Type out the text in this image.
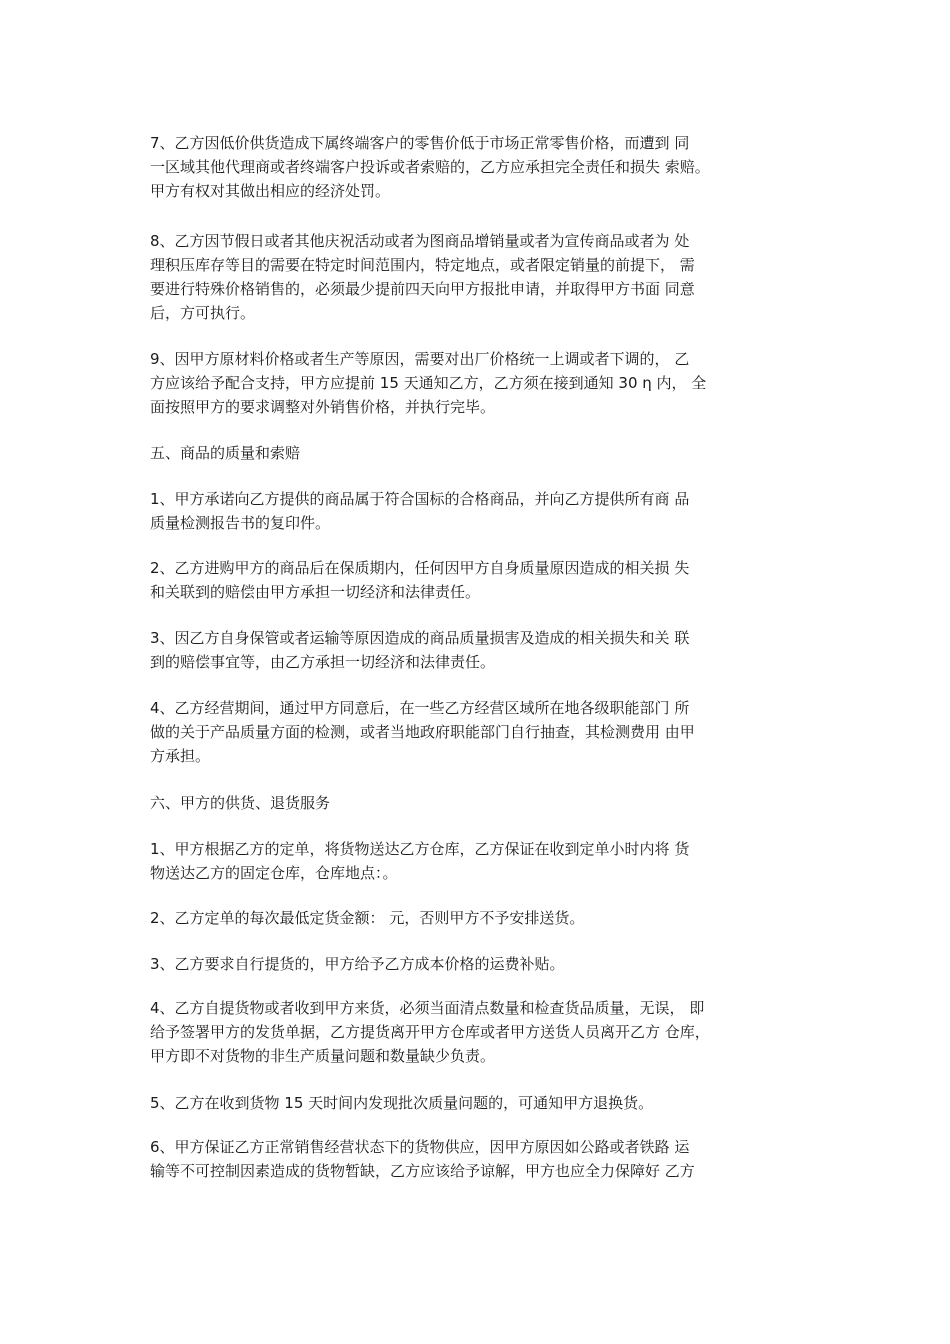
7、乙方因低价供货造成下属终端客户的零售价低于市场正常零售价格，而遭到 同
一区域其他代理商或者终端客户投诉或者索赔的，乙方应承担完全责任和损失 索赔。
甲方有权对其做出相应的经济处罚。
8、乙方因节假日或者其他庆祝活动或者为图商品增销量或者为宣传商品或者为 处
理积压库存等目的需要在特定时间范围内，特定地点，或者限定销量的前提下， 需
要进行特殊价格销售的，必须最少提前四天向甲方报批申请，并取得甲方书面 同意
后，方可执行。
9、因甲方原材料价格或者生产等原因，需要对出厂价格统一上调或者下调的， 乙
方应该给予配合支持，甲方应提前 15 天通知乙方，乙方须在接到通知 30 η 内， 全
面按照甲方的要求调整对外销售价格，并执行完毕。
五、商品的质量和索赔
1、甲方承诺向乙方提供的商品属于符合国标的合格商品，并向乙方提供所有商 品
质量检测报告书的复印件。
2、乙方进购甲方的商品后在保质期内，任何因甲方自身质量原因造成的相关损 失
和关联到的赔偿由甲方承担一切经济和法律责任。
3、因乙方自身保管或者运输等原因造成的商品质量损害及造成的相关损失和关 联
到的赔偿事宜等，由乙方承担一切经济和法律责任。
4、乙方经营期间，通过甲方同意后，在一些乙方经营区域所在地各级职能部门 所
做的关于产品质量方面的检测，或者当地政府职能部门自行抽查，其检测费用 由甲
方承担。
六、甲方的供货、退货服务
1、甲方根据乙方的定单，将货物送达乙方仓库，乙方保证在收到定单小时内将 货
物送达乙方的固定仓库，仓库地点：。
2、乙方定单的每次最低定货金额： 元，否则甲方不予安排送货。
3、乙方要求自行提货的，甲方给予乙方成本价格的运费补贴。
4、乙方自提货物或者收到甲方来货，必须当面清点数量和检查货品质量，无误， 即
给予签署甲方的发货单据，乙方提货离开甲方仓库或者甲方送货人员离开乙方 仓库，
甲方即不对货物的非生产质量问题和数量缺少负责。
5、乙方在收到货物 15 天时间内发现批次质量问题的，可通知甲方退换货。
6、甲方保证乙方正常销售经营状态下的货物供应，因甲方原因如公路或者铁路 运
输等不可控制因素造成的货物暂缺，乙方应该给予谅解，甲方也应全力保障好 乙方
